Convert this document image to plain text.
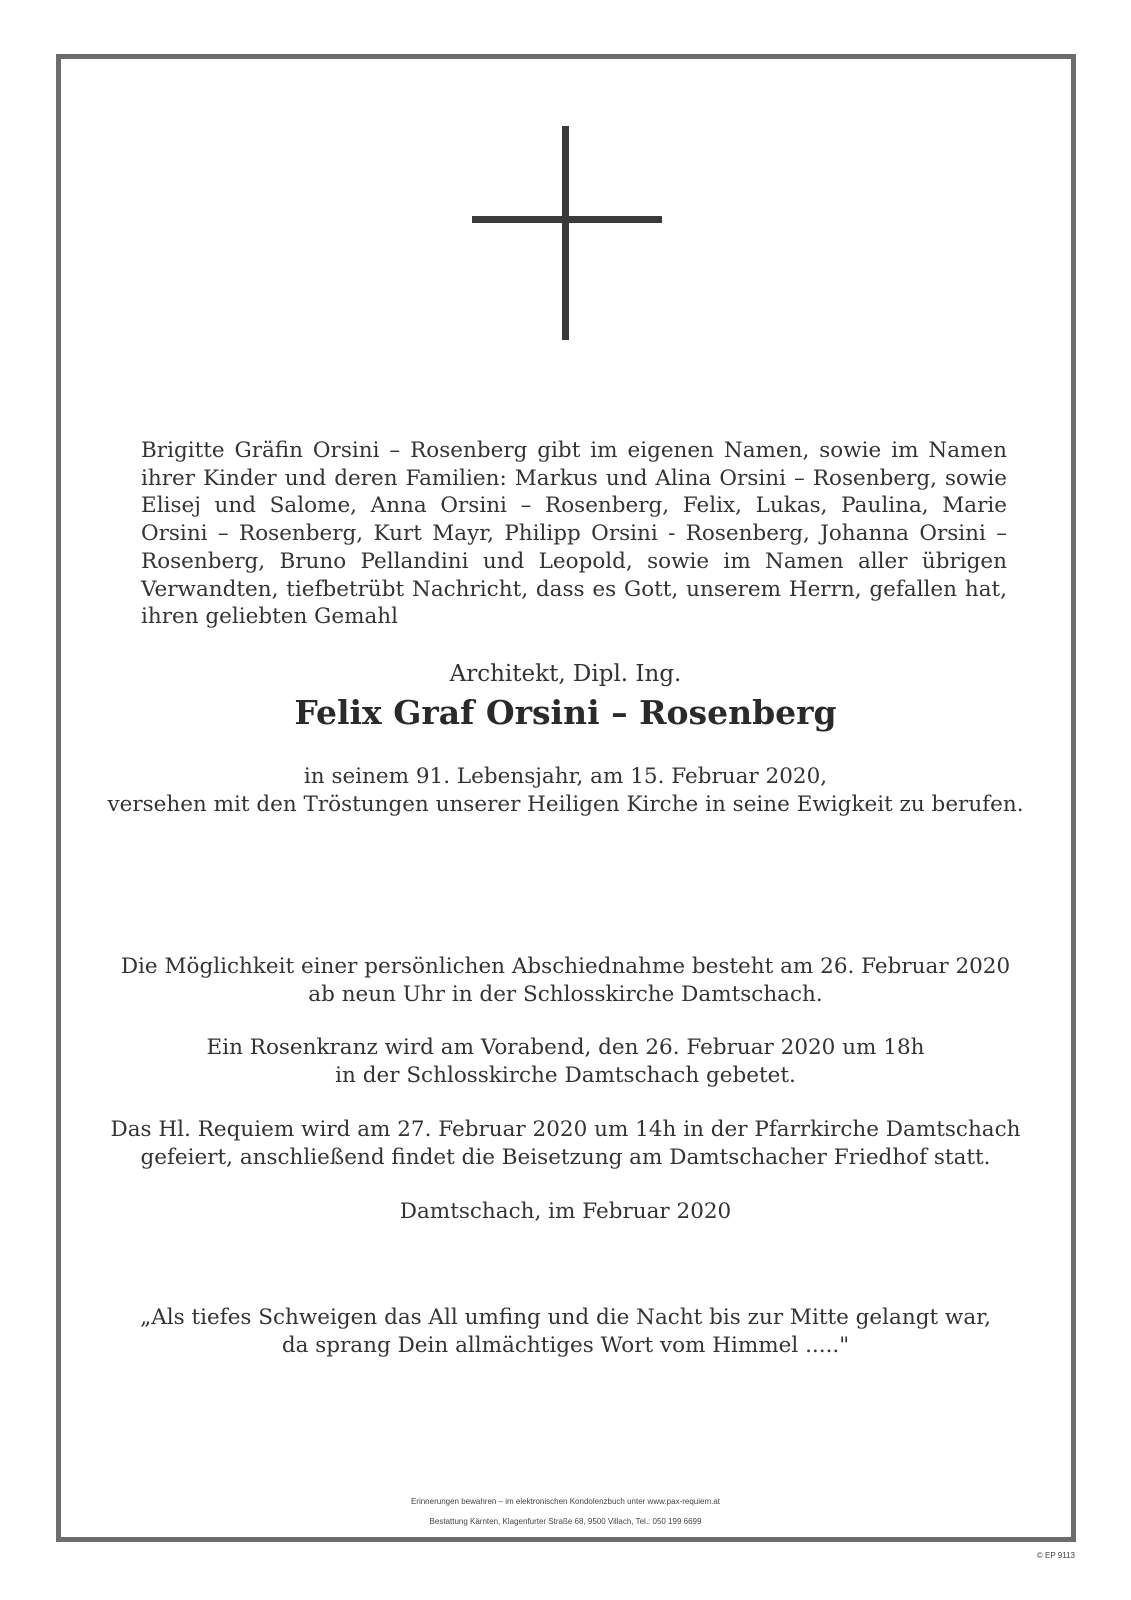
Brigitte Gräfin Orsini – Rosenberg gibt im eigenen Namen, sowie im Namen ihrer Kinder und deren Familien: Markus und Alina Orsini – Rosenberg, sowie Elisej und Salome, Anna Orsini – Rosenberg, Felix, Lukas, Paulina, Marie Orsini – Rosenberg, Kurt Mayr, Philipp Orsini - Rosenberg, Johanna Orsini – Rosenberg, Bruno Pellandini und Leopold, sowie im Namen aller übrigen Verwandten, tiefbetrübt Nachricht, dass es Gott, unserem Herrn, gefallen hat, ihren geliebten Gemahl

Architekt, Dipl. Ing.

Felix Graf Orsini – Rosenberg

in seinem 91. Lebensjahr, am 15. Februar 2020,
versehen mit den Tröstungen unserer Heiligen Kirche in seine Ewigkeit zu berufen.

Die Möglichkeit einer persönlichen Abschiednahme besteht am 26. Februar 2020
ab neun Uhr in der Schlosskirche Damtschach.

Ein Rosenkranz wird am Vorabend, den 26. Februar 2020 um 18h
in der Schlosskirche Damtschach gebetet.

Das Hl. Requiem wird am 27. Februar 2020 um 14h in der Pfarrkirche Damtschach
gefeiert, anschließend findet die Beisetzung am Damtschacher Friedhof statt.

Damtschach, im Februar 2020

„Als tiefes Schweigen das All umfing und die Nacht bis zur Mitte gelangt war,
da sprang Dein allmächtiges Wort vom Himmel ....."

Erinnerungen bewahren – im elektronischen Kondolenzbuch unter www.pax-requiem.at

Bestattung Kärnten, Klagenfurter Straße 68, 9500 Villach, Tel.: 050 199 6699

© EP 9113
